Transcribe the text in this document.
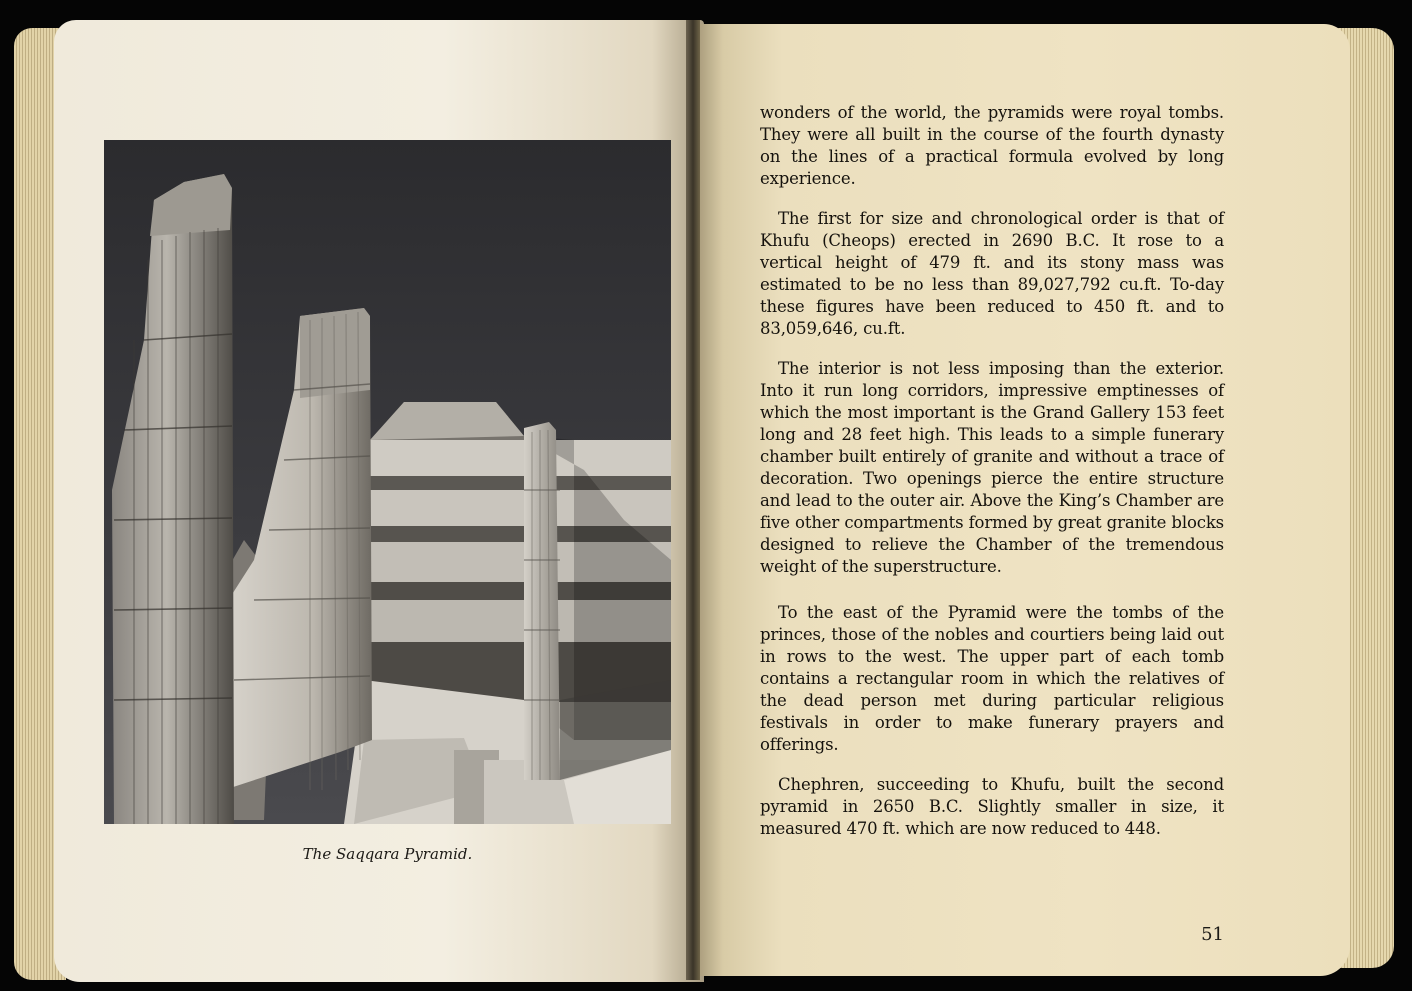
The Saqqara Pyramid.

wonders of the world, the pyramids were royal tombs. They were all built in the course of the fourth dynasty on the lines of a practical formula evolved by long experience.

The first for size and chronological order is that of Khufu (Cheops) erected in 2690 B.C. It rose to a vertical height of 479 ft. and its stony mass was estimated to be no less than 89,027,792 cu.ft. To-day these figures have been reduced to 450 ft. and to 83,059,646, cu.ft.

The interior is not less imposing than the exterior. Into it run long corridors, impressive emptinesses of which the most important is the Grand Gallery 153 feet long and 28 feet high. This leads to a simple funerary chamber built entirely of granite and without a trace of decoration. Two openings pierce the entire structure and lead to the outer air. Above the King’s Chamber are five other compartments formed by great granite blocks designed to relieve the Chamber of the tremendous weight of the superstructure.

To the east of the Pyramid were the tombs of the princes, those of the nobles and courtiers being laid out in rows to the west. The upper part of each tomb contains a rectangular room in which the relatives of the dead person met during particular religious festivals in order to make funerary prayers and offerings.

Chephren, succeeding to Khufu, built the second pyramid in 2650 B.C. Slightly smaller in size, it measured 470 ft. which are now reduced to 448.

51
